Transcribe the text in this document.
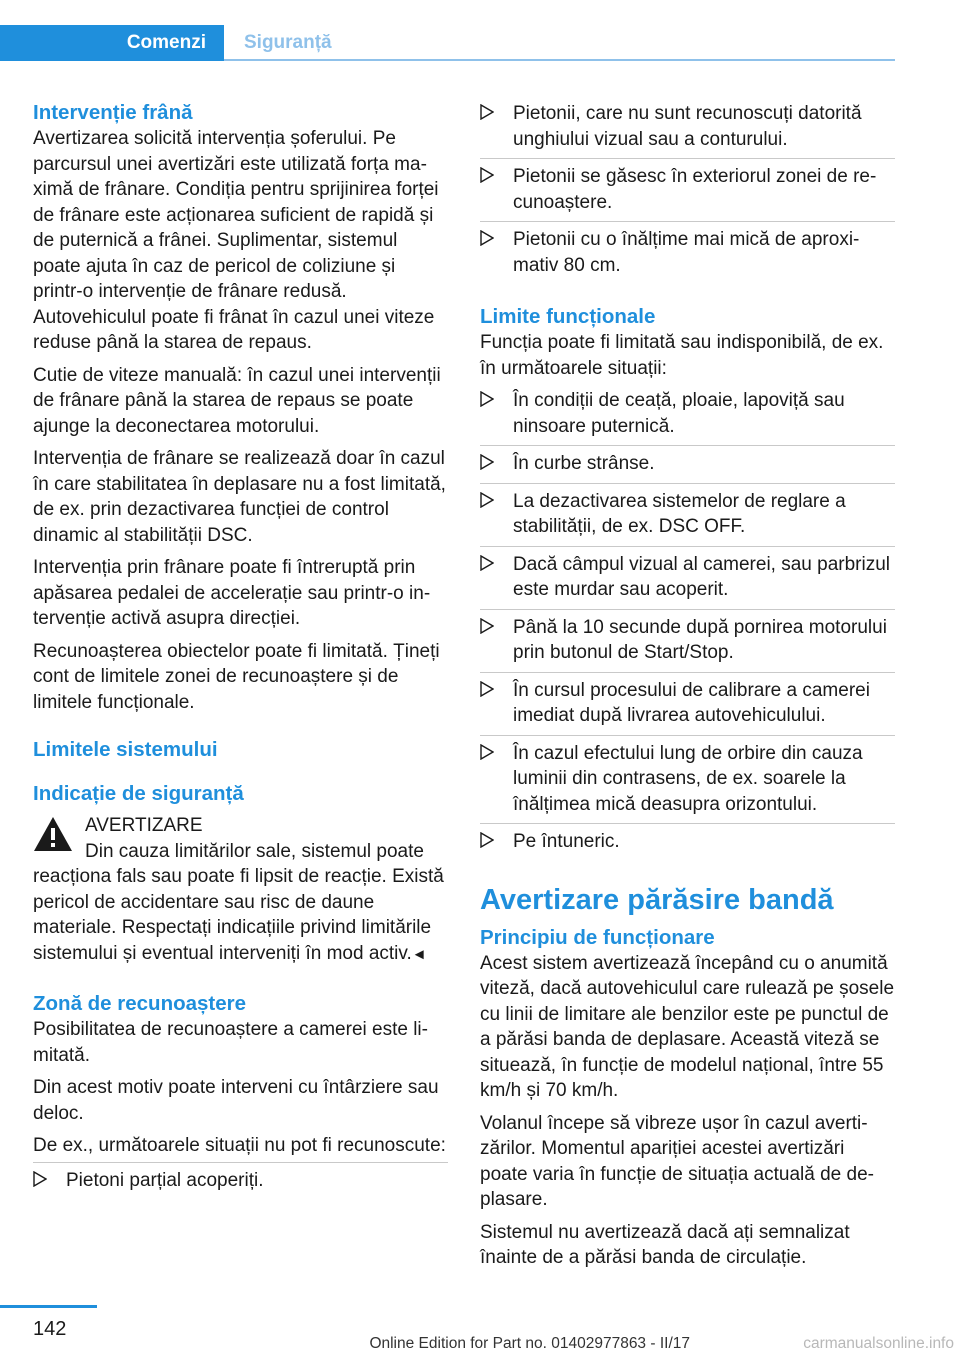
Comenzi	Siguranță
Intervenție frână

Avertizarea solicită intervenția șoferului. Pe parcursul unei avertizări este utilizată forța maximă de frânare. Condiția pentru sprijinirea forței de frânare este acționarea suficient de rapidă și de puternică a frânei. Suplimentar, sistemul poate ajuta în caz de pericol de coliziune și printr-o intervenție de frânare redusă. Autovehiculul poate fi frânat în cazul unei viteze reduse până la starea de repaus.

Cutie de viteze manuală: în cazul unei intervenții de frânare până la starea de repaus se poate ajunge la deconectarea motorului.

Intervenția de frânare se realizează doar în cazul în care stabilitatea în deplasare nu a fost limitată, de ex. prin dezactivarea funcției de control dinamic al stabilității DSC.

Intervenția prin frânare poate fi întreruptă prin apăsarea pedalei de accelerație sau printr-o intervenție activă asupra direcției.

Recunoașterea obiectelor poate fi limitată. Țineți cont de limitele zonei de recunoaștere și de limitele funcționale.

Limitele sistemului
Indicație de siguranță
AVERTIZARE
Din cauza limitărilor sale, sistemul poate
reacționa fals sau poate fi lipsit de reacție. Există pericol de accidentare sau risc de daune materiale. Respectați indicațiile privind limitările sistemului și eventual interveniți în mod activ.◄
Zonă de recunoaștere

Posibilitatea de recunoaștere a camerei este limitată.

Din acest motiv poate interveni cu întârziere sau deloc.

De ex., următoarele situații nu pot fi recunoscute:

Pietoni parțial acoperiți.
Pietonii, care nu sunt recunoscuți datorită unghiului vizual sau a conturului.
Pietonii se găsesc în exteriorul zonei de recunoaștere.
Pietonii cu o înălțime mai mică de aproximativ 80 cm.
Limite funcționale

Funcția poate fi limitată sau indisponibilă, de ex. în următoarele situații:

În condiții de ceață, ploaie, lapoviță sau ninsoare puternică.
În curbe strânse.
La dezactivarea sistemelor de reglare a stabilității, de ex. DSC OFF.
Dacă câmpul vizual al camerei, sau parbrizul este murdar sau acoperit.
Până la 10 secunde după pornirea motorului prin butonul de Start/Stop.
În cursul procesului de calibrare a camerei imediat după livrarea autovehiculului.
În cazul efectului lung de orbire din cauza luminii din contrasens, de ex. soarele la înălțimea mică deasupra orizontului.
Pe întuneric.
Avertizare părăsire bandă
Principiu de funcționare

Acest sistem avertizează începând cu o anumită viteză, dacă autovehiculul care rulează pe șosele cu linii de limitare ale benzilor este pe punctul de a părăsi banda de deplasare. Această viteză se situează, în funcție de modelul național, între 55 km/h și 70 km/h.

Volanul începe să vibreze ușor în cazul avertizărilor. Momentul apariției acestei avertizări poate varia în funcție de situația actuală de deplasare.

Sistemul nu avertizează dacă ați semnalizat înainte de a părăsi banda de circulație.

142
Online Edition for Part no. 01402977863 - II/17	carmanualsonline.info
